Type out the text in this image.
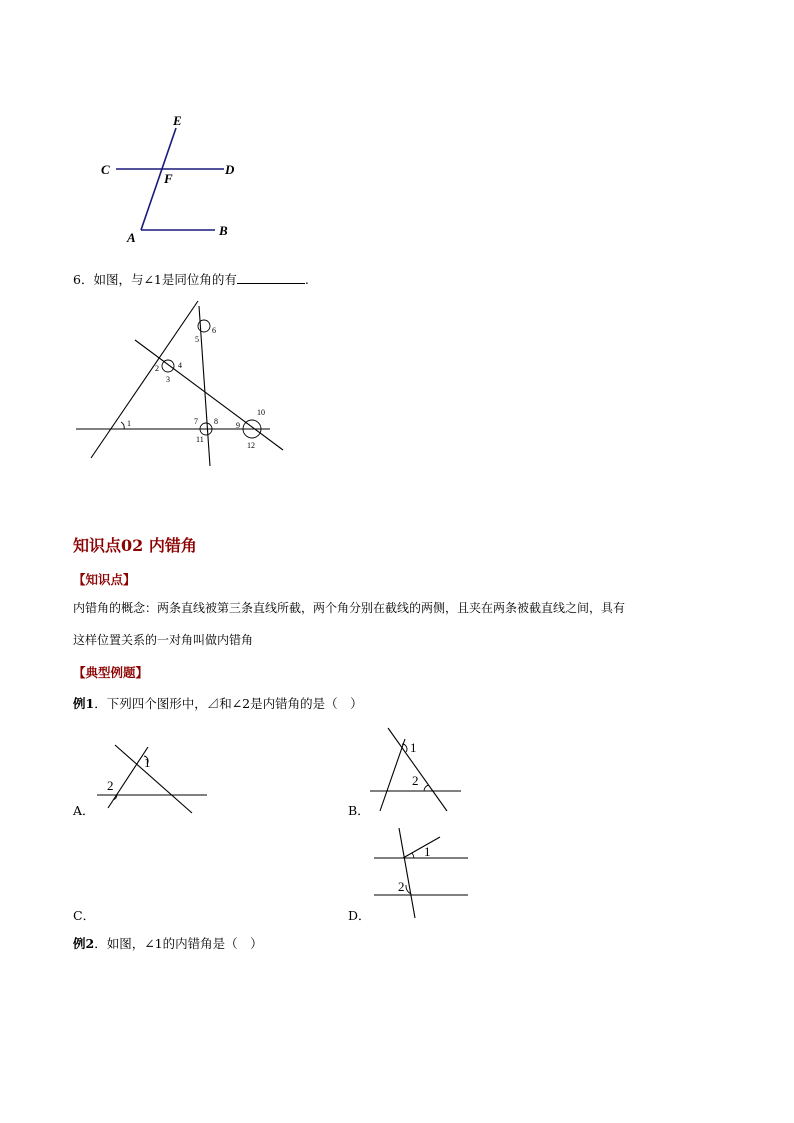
E
C	D
F
A	B
6．如图，与∠1是同位角的有	.
1
2
3
4
5
6
7 8 9
10
11
12
知识点02 内错角
【知识点】
内错角的概念：两条直线被第三条直线所截，两个角分别在截线的两侧，且夹在两条被截直线之间，具有
这样位置关系的一对角叫做内错角
【典型例题】
例1．下列四个图形中，⊿和∠2是内错角的是（　）
A．
1
2
B．
1
2
C．	D．
1
2
例2．如图，∠1的内错角是（　）
